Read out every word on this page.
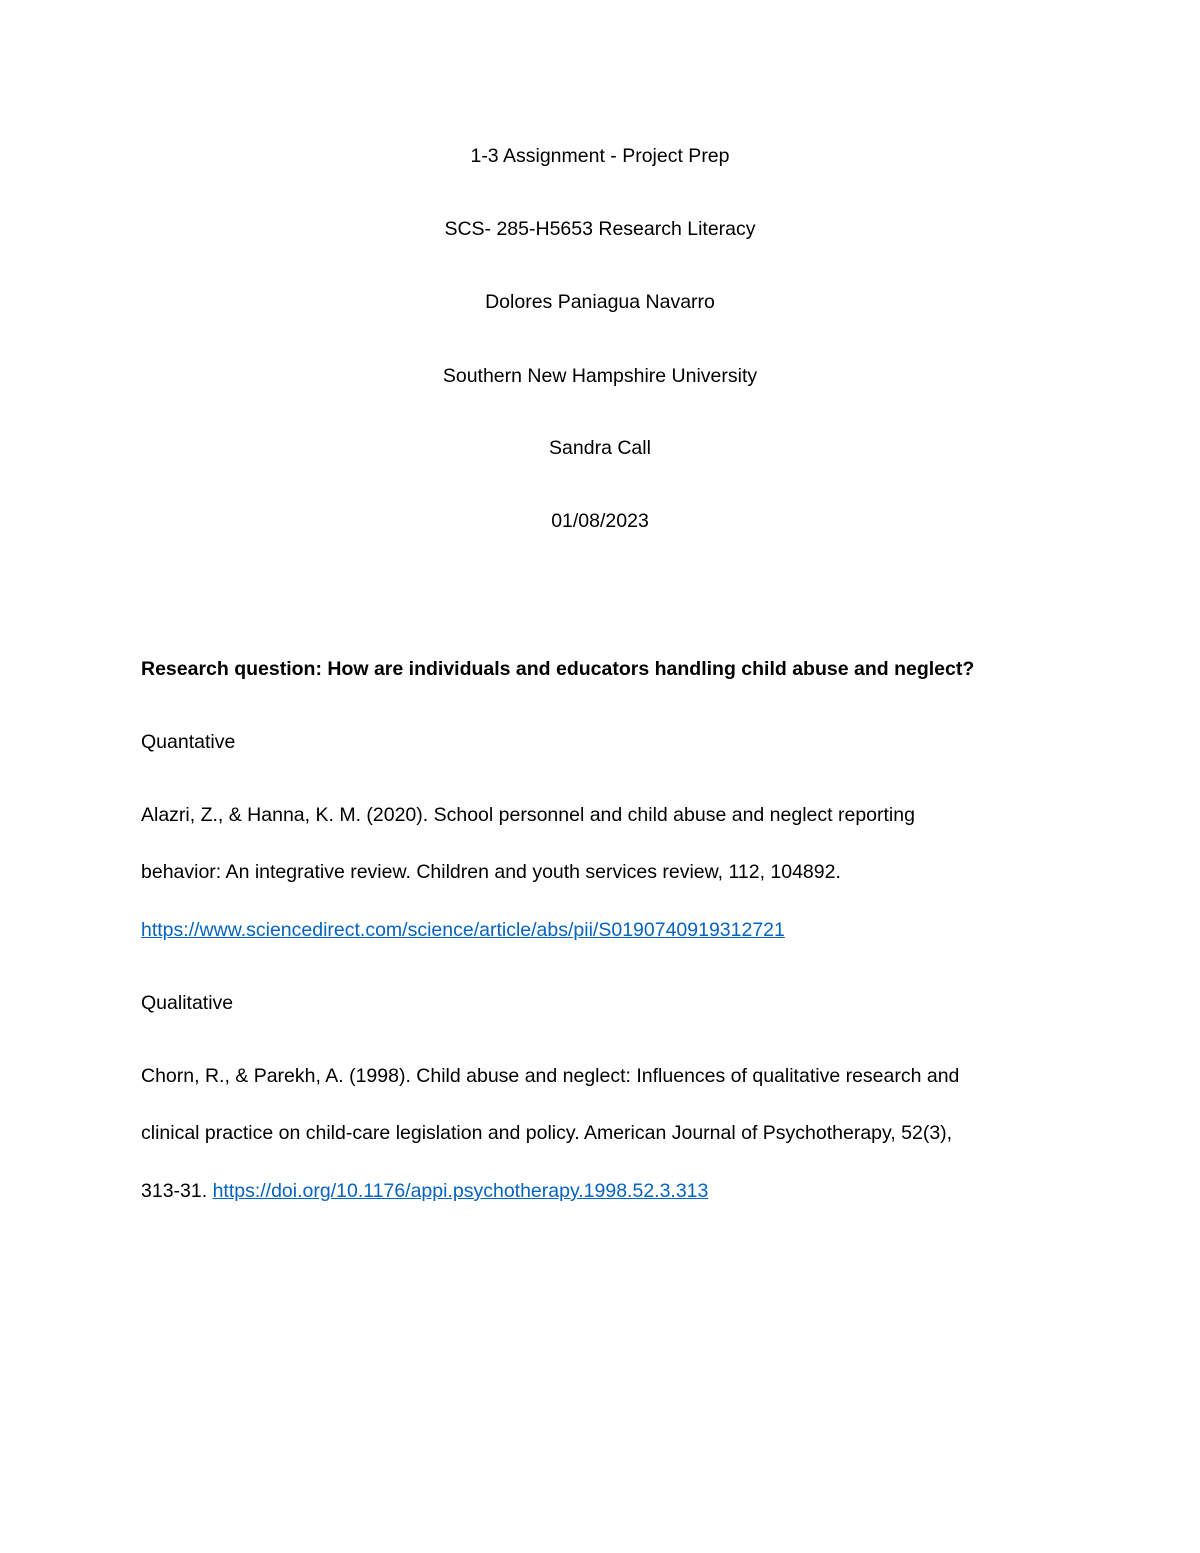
1-3 Assignment - Project Prep
SCS- 285-H5653 Research Literacy
Dolores Paniagua Navarro
Southern New Hampshire University
Sandra Call
01/08/2023
Research question: How are individuals and educators handling child abuse and neglect?
Quantative
Alazri, Z., & Hanna, K. M. (2020). School personnel and child abuse and neglect reporting
behavior: An integrative review. Children and youth services review, 112, 104892.
https://www.sciencedirect.com/science/article/abs/pii/S0190740919312721
Qualitative
Chorn, R., & Parekh, A. (1998). Child abuse and neglect: Influences of qualitative research and
clinical practice on child-care legislation and policy. American Journal of Psychotherapy, 52(3),
313-31. https://doi.org/10.1176/appi.psychotherapy.1998.52.3.313
